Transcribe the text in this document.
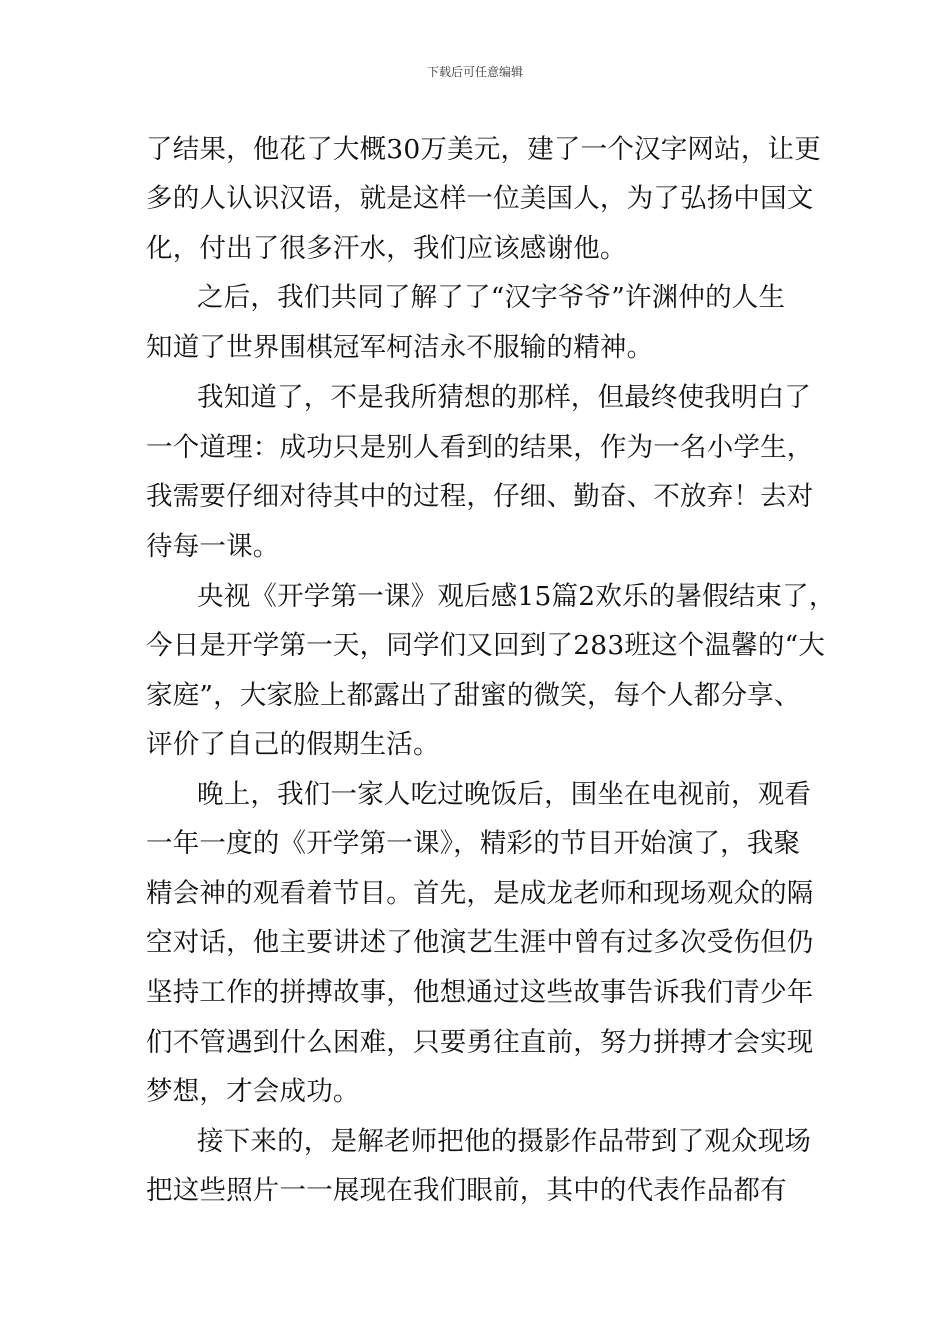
下载后可任意编辑
了结果，他花了大概30万美元，建了一个汉字网站，让更
多的人认识汉语，就是这样一位美国人，为了弘扬中国文
化，付出了很多汗水，我们应该感谢他。
之后，我们共同了解了了“汉字爷爷”许渊仲的人生
知道了世界围棋冠军柯洁永不服输的精神。
我知道了，不是我所猜想的那样，但最终使我明白了
一个道理：成功只是别人看到的结果，作为一名小学生，
我需要仔细对待其中的过程，仔细、勤奋、不放弃！去对
待每一课。
央视《开学第一课》观后感15篇2欢乐的暑假结束了，
今日是开学第一天，同学们又回到了283班这个温馨的“大
家庭”，大家脸上都露出了甜蜜的微笑，每个人都分享、
评价了自己的假期生活。
晚上，我们一家人吃过晚饭后，围坐在电视前，观看
一年一度的《开学第一课》，精彩的节目开始演了，我聚
精会神的观看着节目。首先，是成龙老师和现场观众的隔
空对话，他主要讲述了他演艺生涯中曾有过多次受伤但仍
坚持工作的拼搏故事，他想通过这些故事告诉我们青少年
们不管遇到什么困难，只要勇往直前，努力拼搏才会实现
梦想，才会成功。
接下来的，是解老师把他的摄影作品带到了观众现场
把这些照片一一展现在我们眼前，其中的代表作品都有
